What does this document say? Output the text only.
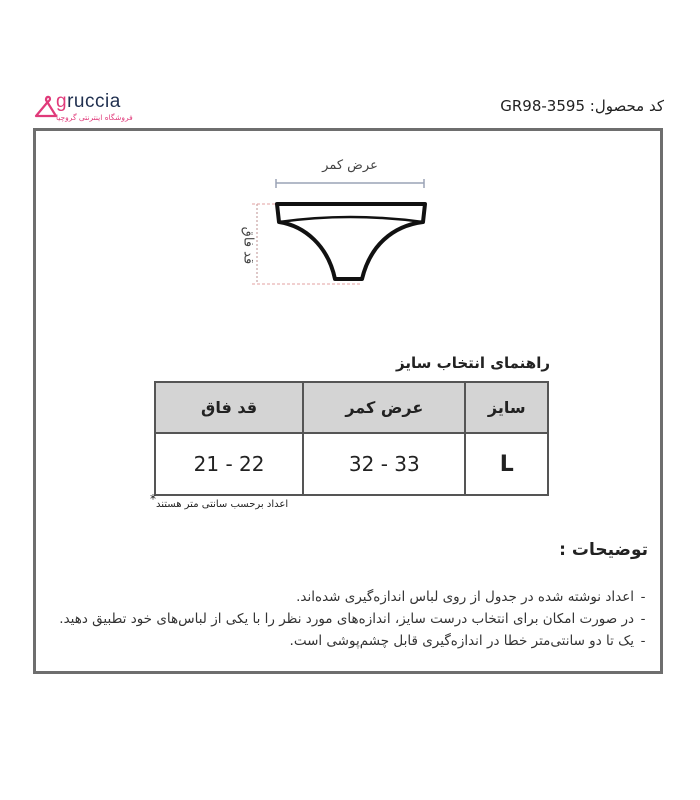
gruccia
فروشگاه اینترنتی گروچیا
کد محصول: GR98-3595
عرض کمر
قد فاق
راهنمای انتخاب سایز
سایز	عرض کمر	قد فاق
L	32 - 33	21 - 22
اعداد برحسب سانتی متر هستند*
توضیحات :
-اعداد نوشته شده در جدول از روی لباس اندازه‌گیری شده‌اند.
-در صورت امکان برای انتخاب درست سایز، اندازه‌های مورد نظر را با یکی از لباس‌های خود تطبیق دهید.
-یک تا دو سانتی‌متر خطا در اندازه‌گیری قابل چشم‌پوشی است.
